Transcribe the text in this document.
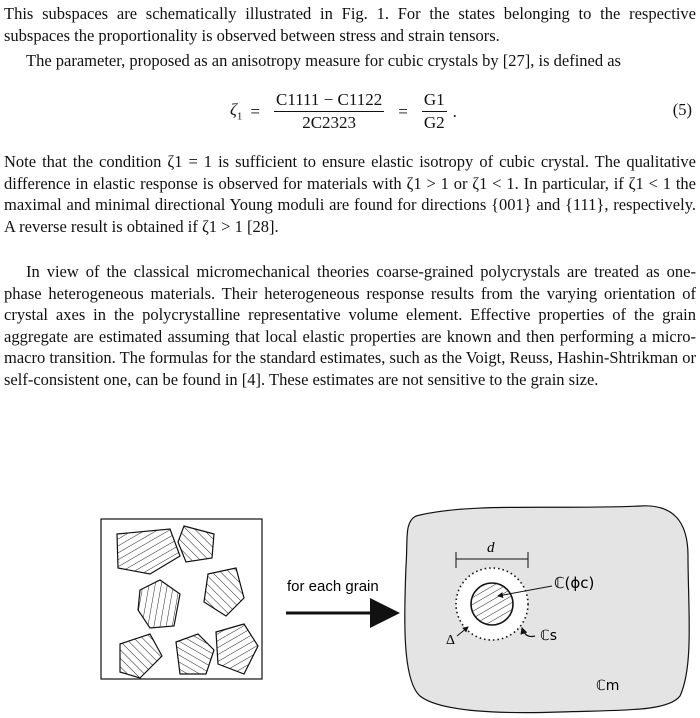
This subspaces are schematically illustrated in Fig. 1. For the states belonging to the respective subspaces the proportionality is observed between stress and strain tensors.

The parameter, proposed as an anisotropy measure for cubic crystals by [27], is defined as

$\zeta_1 = \frac{C1111 - C1122}{2C2323} = \frac{G1}{G2}$ .	(5)

Note that the condition ζ1 = 1 is sufficient to ensure elastic isotropy of cubic crystal. The qualitative difference in elastic response is observed for materials with ζ1 > 1 or ζ1 < 1. In particular, if ζ1 < 1 the maximal and minimal directional Young moduli are found for directions {001} and {111}, respectively. A reverse result is obtained if ζ1 > 1 [28].

In view of the classical micromechanical theories coarse-grained polycrystals are treated as one-phase heterogeneous materials. Their heterogeneous response results from the varying orientation of crystal axes in the polycrystalline representative volume element. Effective properties of the grain aggregate are estimated assuming that local elastic properties are known and then performing a micro-macro transition. The formulas for the standard estimates, such as the Voigt, Reuss, Hashin-Shtrikman or self-consistent one, can be found in [4]. These estimates are not sensitive to the grain size.

for each grain
d
ℂ(ϕc)
ℂs
Δ
ℂm
